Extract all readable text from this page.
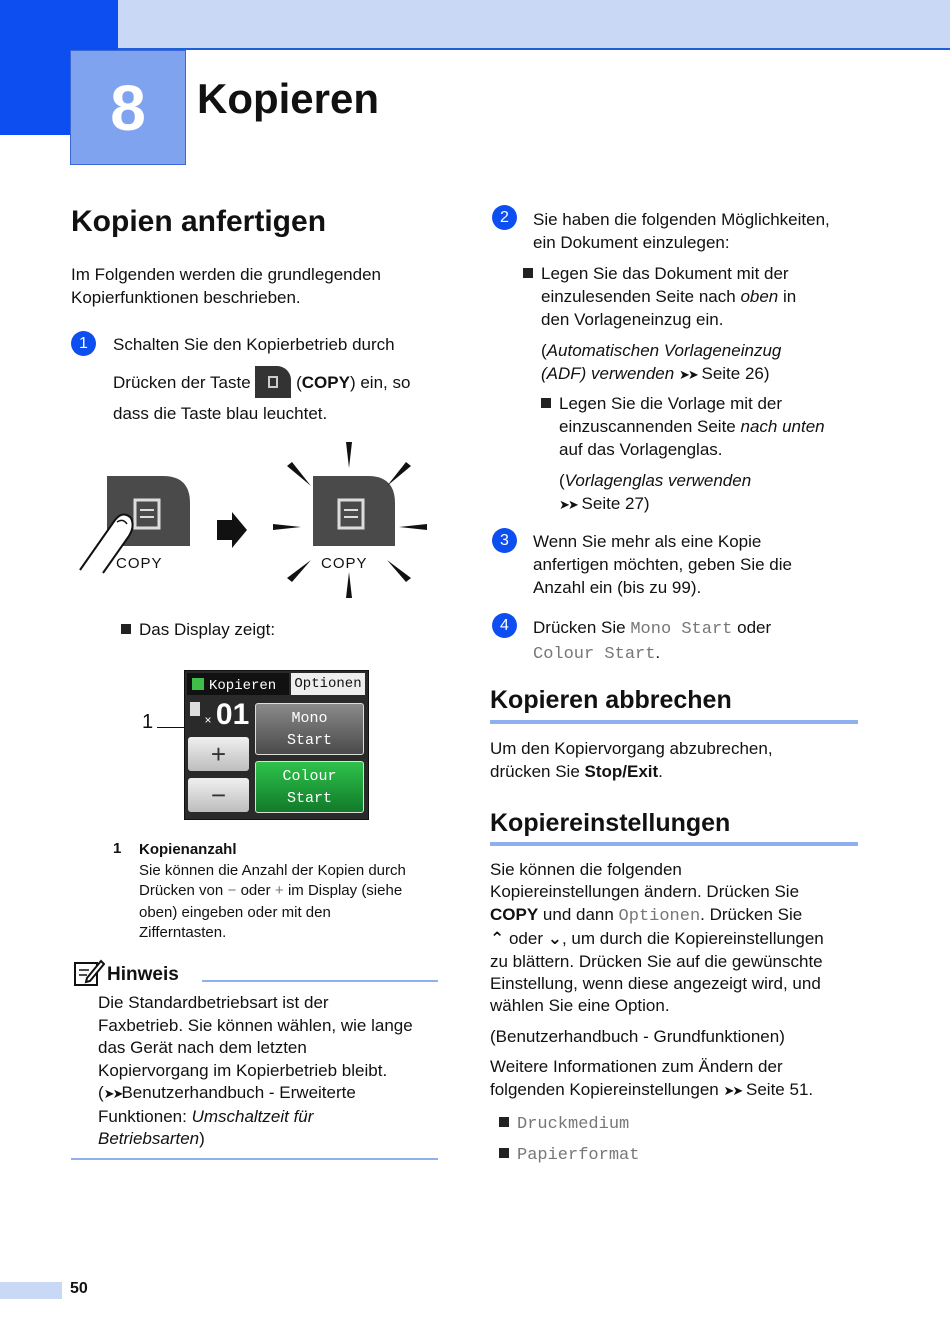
8	Kopieren
Kopien anfertigen
Im Folgenden werden die grundlegenden
Kopierfunktionen beschrieben.
1	Schalten Sie den Kopierbetrieb durch
Drücken der Taste  (COPY) ein, so
dass die Taste blau leuchtet.
COPY	COPY
Das Display zeigt:
1
Kopieren	Optionen
× 01
+
−
Mono
Start
Colour
Start
1 Kopienanzahl
Sie können die Anzahl der Kopien durch
Drücken von − oder + im Display (siehe
oben) eingeben oder mit den
Zifferntasten.
Hinweis
Die Standardbetriebsart ist der
Faxbetrieb. Sie können wählen, wie lange
das Gerät nach dem letzten
Kopiervorgang im Kopierbetrieb bleibt.
(➤➤Benutzerhandbuch - Erweiterte
Funktionen: Umschaltzeit für
Betriebsarten)
2	Sie haben die folgenden Möglichkeiten,
ein Dokument einzulegen:
Legen Sie das Dokument mit der
einzulesenden Seite nach oben in
den Vorlageneinzug ein.
(Automatischen Vorlageneinzug
(ADF) verwenden ➤➤ Seite 26)
Legen Sie die Vorlage mit der
einzuscannenden Seite nach unten
auf das Vorlagenglas.
(Vorlagenglas verwenden
➤➤ Seite 27)
3	Wenn Sie mehr als eine Kopie
anfertigen möchten, geben Sie die
Anzahl ein (bis zu 99).
4	Drücken Sie Mono Start oder
Colour Start.
Kopieren abbrechen
Um den Kopiervorgang abzubrechen,
drücken Sie Stop/Exit.
Kopiereinstellungen
Sie können die folgenden
Kopiereinstellungen ändern. Drücken Sie
COPY und dann Optionen. Drücken Sie
⌃ oder ⌄, um durch die Kopiereinstellungen
zu blättern. Drücken Sie auf die gewünschte
Einstellung, wenn diese angezeigt wird, und
wählen Sie eine Option.
(Benutzerhandbuch - Grundfunktionen)
Weitere Informationen zum Ändern der
folgenden Kopiereinstellungen ➤➤ Seite 51.
Druckmedium
Papierformat
50
